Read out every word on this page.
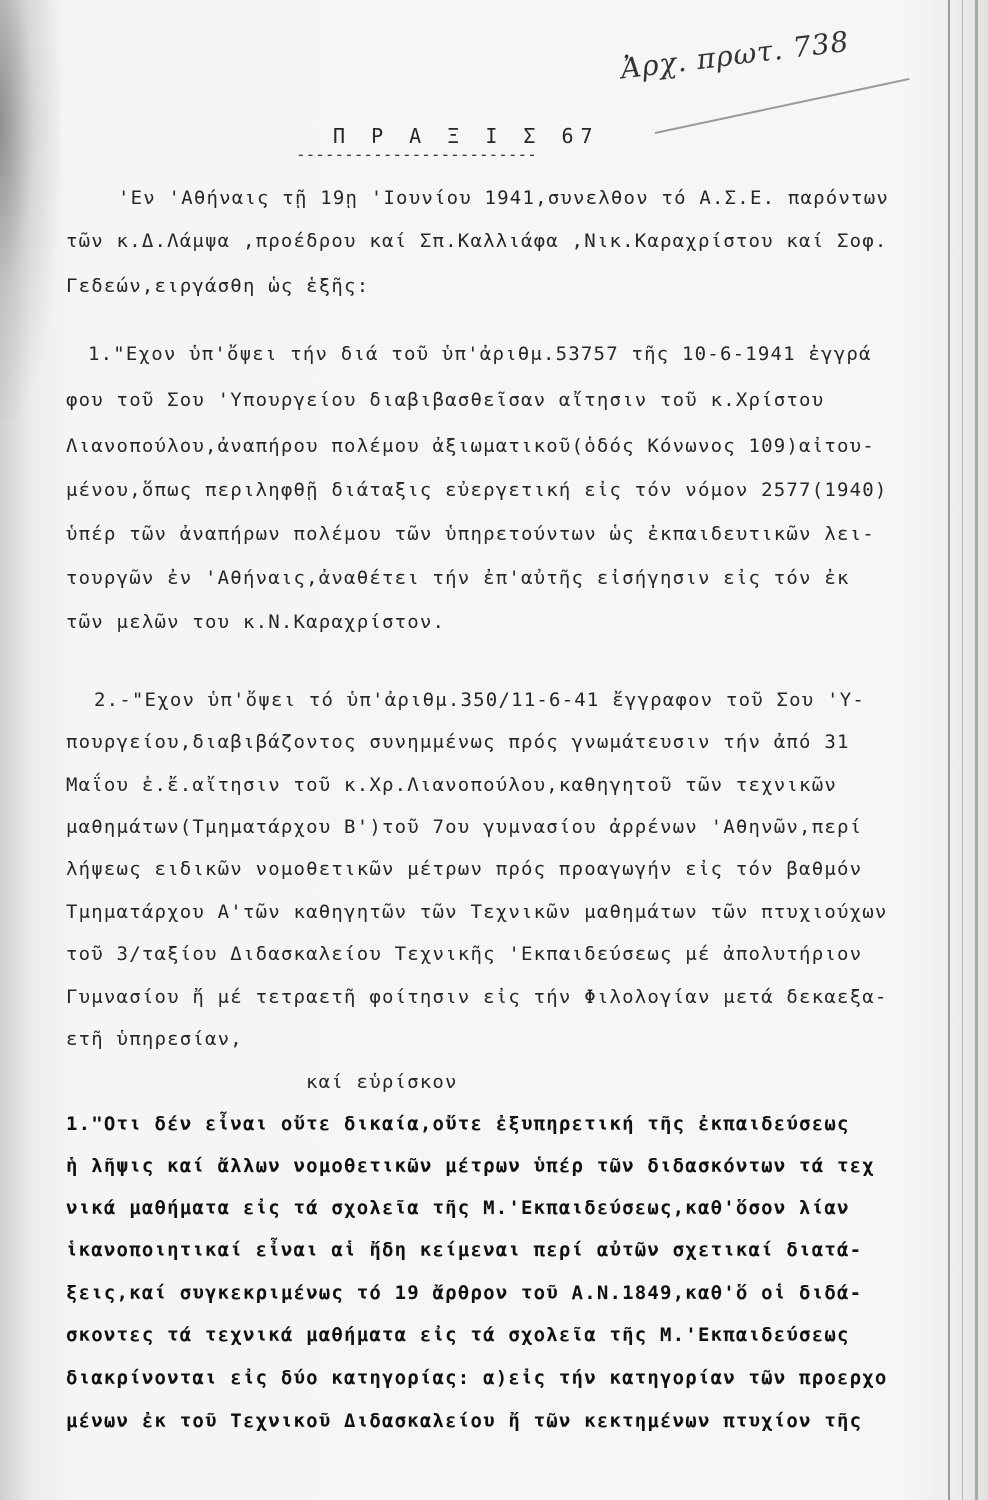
Ἀρχ. πρωτ. 738
Π Ρ Α Ξ Ι Σ 67
-------------------------
'Εν 'Αθήναις τῇ 19ῃ 'Ιουνίου 1941,συνελθον τό Α.Σ.Ε. παρόντων
τῶν κ.Δ.Λάμψα ,προέδρου καί Σπ.Καλλιάφα ,Νικ.Καραχρίστου καί Σοφ.
Γεδεών,ειργάσθη ὡς ἑξῆς:
1."Εχον ὑπ'ὄψει τήν διά τοῦ ὑπ'ἀριθμ.53757 τῆς 10-6-1941 ἐγγρά
φου τοῦ Σου 'Υπουργείου διαβιβασθεῖσαν αἴτησιν τοῦ κ.Χρίστου
Λιανοπούλου,ἀναπήρου πολέμου ἀξιωματικοῦ(ὁδός Κόνωνος 109)αἰτου-
μένου,ὅπως περιληφθῇ διάταξις εὐεργετική εἰς τόν νόμον 2577(1940)
ὑπέρ τῶν ἀναπήρων πολέμου τῶν ὑπηρετούντων ὡς ἐκπαιδευτικῶν λει-
τουργῶν ἐν 'Αθήναις,ἀναθέτει τήν ἐπ'αὐτῆς εἰσήγησιν εἰς τόν ἐκ
τῶν μελῶν του κ.Ν.Καραχρίστον.
2.-"Εχον ὑπ'ὄψει τό ὑπ'ἀριθμ.350/11-6-41 ἔγγραφον τοῦ Σου 'Υ-
πουργείου,διαβιβάζοντος συνημμένως πρός γνωμάτευσιν τήν ἀπό 31
Μαΐου ἐ.ἔ.αἴτησιν τοῦ κ.Χρ.Λιανοπούλου,καθηγητοῦ τῶν τεχνικῶν
μαθημάτων(Τμηματάρχου Β')τοῦ 7ου γυμνασίου ἀρρένων 'Αθηνῶν,περί
λήψεως ειδικῶν νομοθετικῶν μέτρων πρός προαγωγήν εἰς τόν βαθμόν
Τμηματάρχου Α'τῶν καθηγητῶν τῶν Τεχνικῶν μαθημάτων τῶν πτυχιούχων
τοῦ 3/ταξίου Διδασκαλείου Τεχνικῆς 'Εκπαιδεύσεως μέ ἀπολυτήριον
Γυμνασίου ἤ μέ τετραετῆ φοίτησιν εἰς τήν Φιλολογίαν μετά δεκαεξα-
ετῆ ὑπηρεσίαν,
καί εὑρίσκον
1."Οτι δέν εἶναι οὔτε δικαία,οὔτε ἐξυπηρετική τῆς ἐκπαιδεύσεως
ἡ λῆψις καί ἄλλων νομοθετικῶν μέτρων ὑπέρ τῶν διδασκόντων τά τεχ
νικά μαθήματα εἰς τά σχολεῖα τῆς Μ.'Εκπαιδεύσεως,καθ'ὅσον λίαν
ἱκανοποιητικαί εἶναι αἱ ἤδη κείμεναι περί αὐτῶν σχετικαί διατά-
ξεις,καί συγκεκριμένως τό 19 ἄρθρον τοῦ Α.Ν.1849,καθ'ὅ οἱ διδά-
σκοντες τά τεχνικά μαθήματα εἰς τά σχολεῖα τῆς Μ.'Εκπαιδεύσεως
διακρίνονται εἰς δύο κατηγορίας: α)εἰς τήν κατηγορίαν τῶν προερχο
μένων ἐκ τοῦ Τεχνικοῦ Διδασκαλείου ἤ τῶν κεκτημένων πτυχίον τῆς
